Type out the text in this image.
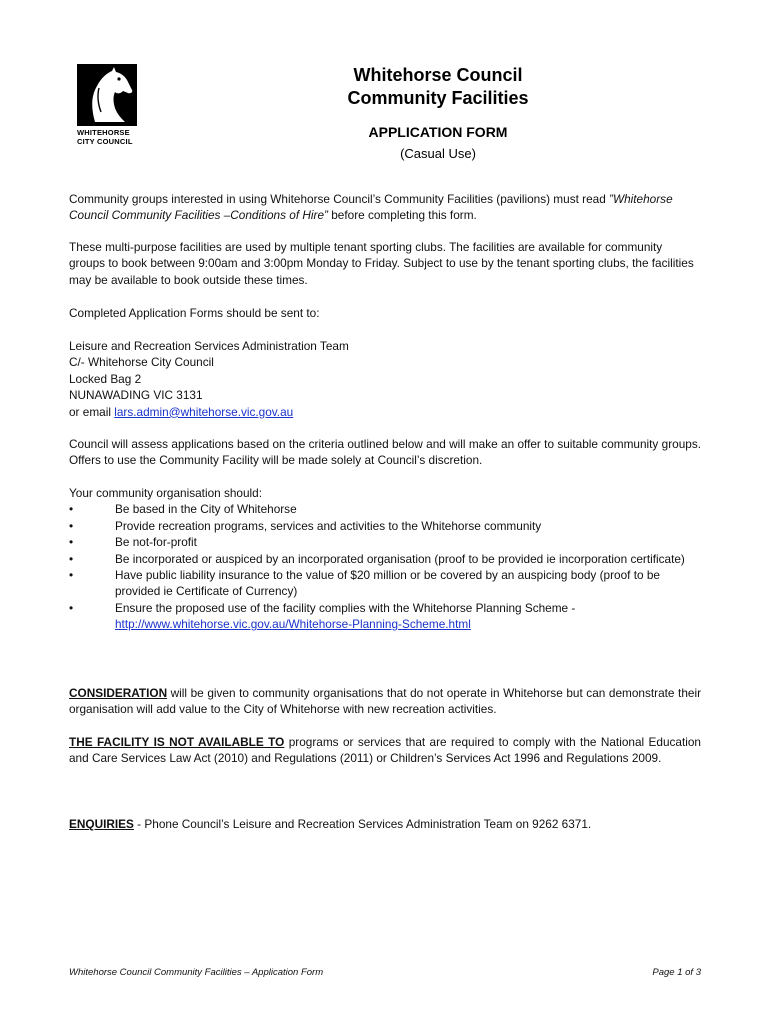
WHITEHORSE
CITY COUNCIL
Whitehorse Council
Community Facilities
APPLICATION FORM
(Casual Use)

Community groups interested in using Whitehorse Council’s Community Facilities (pavilions) must read ”Whitehorse Council Community Facilities –Conditions of Hire” before completing this form.

These multi-purpose facilities are used by multiple tenant sporting clubs. The facilities are available for community groups to book between 9:00am and 3:00pm Monday to Friday. Subject to use by the tenant sporting clubs, the facilities may be available to book outside these times.

Completed Application Forms should be sent to:

Leisure and Recreation Services Administration Team

C/- Whitehorse City Council

Locked Bag 2

NUNAWADING VIC 3131

or email lars.admin@whitehorse.vic.gov.au

Council will assess applications based on the criteria outlined below and will make an offer to suitable community groups. Offers to use the Community Facility will be made solely at Council’s discretion.

Your community organisation should:

•	Be based in the City of Whitehorse
•	Provide recreation programs, services and activities to the Whitehorse community
•	Be not-for-profit
•	Be incorporated or auspiced by an incorporated organisation (proof to be provided ie incorporation certificate)
•	Have public liability insurance to the value of $20 million or be covered by an auspicing body (proof to be provided ie Certificate of Currency)
•	Ensure the proposed use of the facility complies with the Whitehorse Planning Scheme -
http://www.whitehorse.vic.gov.au/Whitehorse-Planning-Scheme.html

CONSIDERATION will be given to community organisations that do not operate in Whitehorse but can demonstrate their organisation will add value to the City of Whitehorse with new recreation activities.

THE FACILITY IS NOT AVAILABLE TO programs or services that are required to comply with the National Education and Care Services Law Act (2010) and Regulations (2011) or Children’s Services Act 1996 and Regulations 2009.

ENQUIRIES - Phone Council’s Leisure and Recreation Services Administration Team on 9262 6371.

Whitehorse Council Community Facilities – Application Form	Page 1 of 3
